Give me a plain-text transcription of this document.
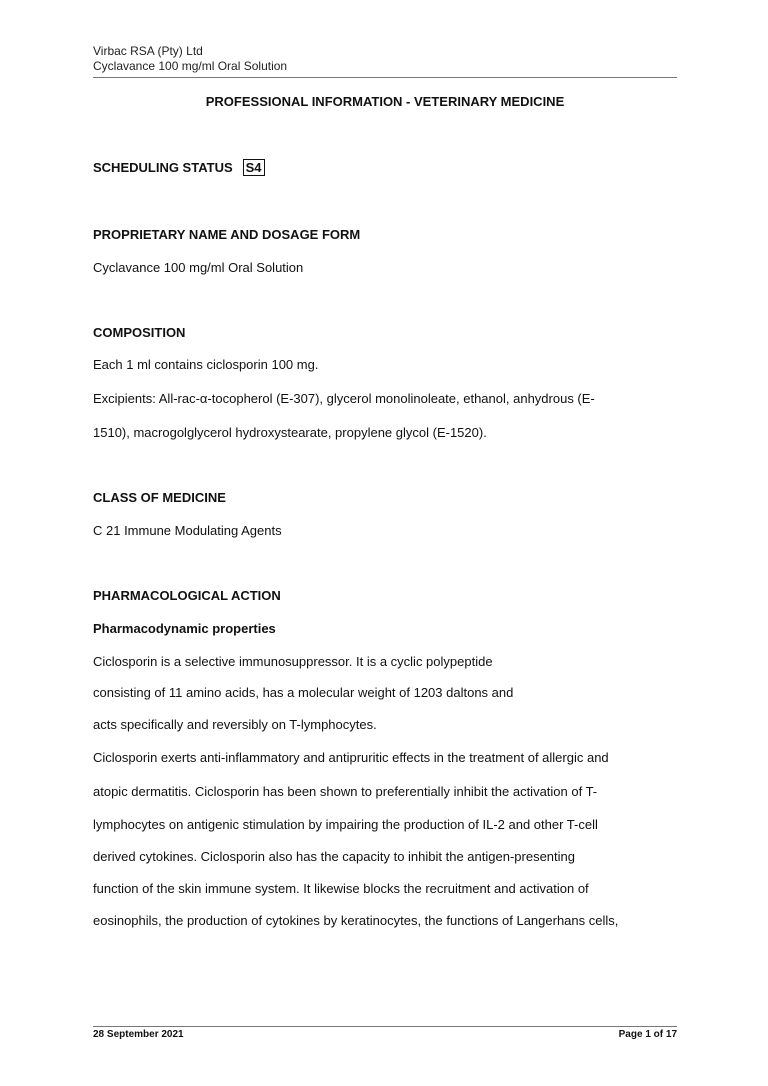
Virbac RSA (Pty) Ltd
Cyclavance 100 mg/ml Oral Solution
PROFESSIONAL INFORMATION - VETERINARY MEDICINE
SCHEDULING STATUS S4
PROPRIETARY NAME AND DOSAGE FORM
Cyclavance 100 mg/ml Oral Solution
COMPOSITION
Each 1 ml contains ciclosporin 100 mg.
Excipients: All-rac-α-tocopherol (E-307), glycerol monolinoleate, ethanol, anhydrous (E-
1510), macrogolglycerol hydroxystearate, propylene glycol (E-1520).
CLASS OF MEDICINE
C 21 Immune Modulating Agents
PHARMACOLOGICAL ACTION
Pharmacodynamic properties
Ciclosporin is a selective immunosuppressor. It is a cyclic polypeptide
consisting of 11 amino acids, has a molecular weight of 1203 daltons and
acts specifically and reversibly on T-lymphocytes.
Ciclosporin exerts anti-inflammatory and antipruritic effects in the treatment of allergic and
atopic dermatitis. Ciclosporin has been shown to preferentially inhibit the activation of T-
lymphocytes on antigenic stimulation by impairing the production of IL-2 and other T-cell
derived cytokines. Ciclosporin also has the capacity to inhibit the antigen-presenting
function of the skin immune system. It likewise blocks the recruitment and activation of
eosinophils, the production of cytokines by keratinocytes, the functions of Langerhans cells,
28 September 2021	Page 1 of 17
